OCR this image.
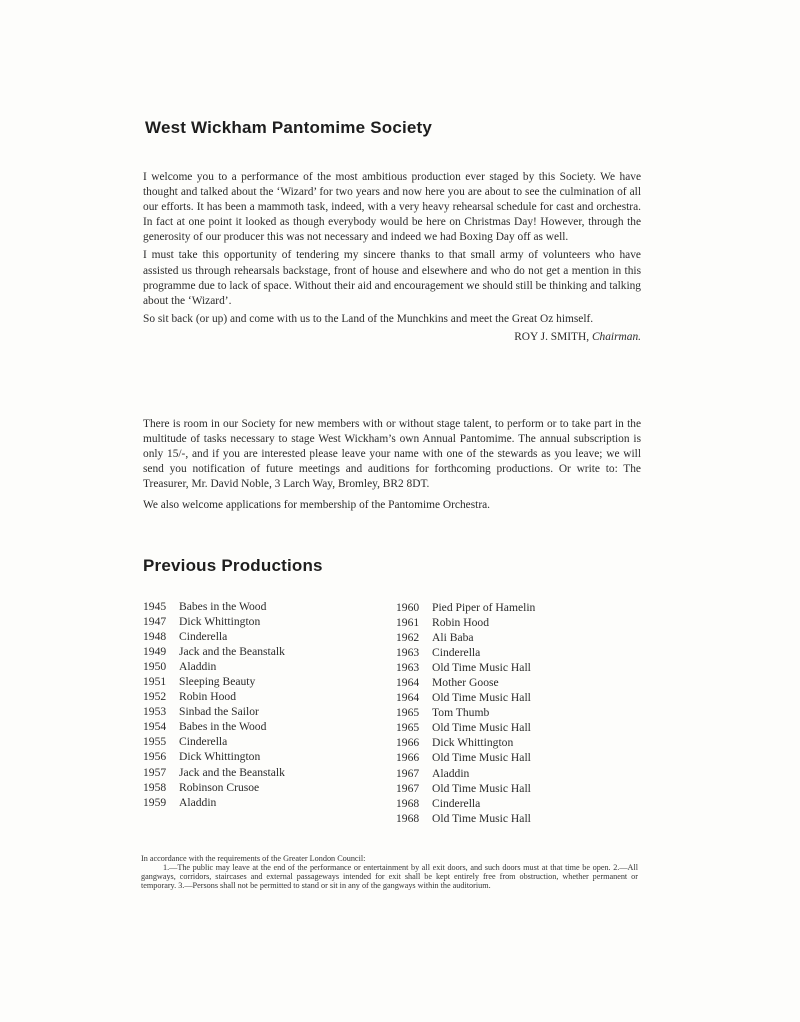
West Wickham Pantomime Society

I welcome you to a performance of the most ambitious production ever staged by this Society. We have thought and talked about the ‘Wizard’ for two years and now here you are about to see the culmination of all our efforts. It has been a mammoth task, indeed, with a very heavy rehearsal schedule for cast and orchestra. In fact at one point it looked as though everybody would be here on Christmas Day! However, through the generosity of our producer this was not necessary and indeed we had Boxing Day off as well.

I must take this opportunity of tendering my sincere thanks to that small army of volunteers who have assisted us through rehearsals backstage, front of house and elsewhere and who do not get a mention in this programme due to lack of space. Without their aid and encouragement we should still be thinking and talking about the ‘Wizard’.

So sit back (or up) and come with us to the Land of the Munchkins and meet the Great Oz himself.

ROY J. SMITH, Chairman.

There is room in our Society for new members with or without stage talent, to perform or to take part in the multitude of tasks necessary to stage West Wickham’s own Annual Pantomime. The annual subscription is only 15/-, and if you are interested please leave your name with one of the stewards as you leave; we will send you notification of future meetings and auditions for forthcoming productions. Or write to: The Treasurer, Mr. David Noble, 3 Larch Way, Bromley, BR2 8DT.

We also welcome applications for membership of the Pantomime Orchestra.

Previous Productions
1945	Babes in the Wood
1947	Dick Whittington
1948	Cinderella
1949	Jack and the Beanstalk
1950	Aladdin
1951	Sleeping Beauty
1952	Robin Hood
1953	Sinbad the Sailor
1954	Babes in the Wood
1955	Cinderella
1956	Dick Whittington
1957	Jack and the Beanstalk
1958	Robinson Crusoe
1959	Aladdin
1960	Pied Piper of Hamelin
1961	Robin Hood
1962	Ali Baba
1963	Cinderella
1963	Old Time Music Hall
1964	Mother Goose
1964	Old Time Music Hall
1965	Tom Thumb
1965	Old Time Music Hall
1966	Dick Whittington
1966	Old Time Music Hall
1967	Aladdin
1967	Old Time Music Hall
1968	Cinderella
1968	Old Time Music Hall

In accordance with the requirements of the Greater London Council:

1.—The public may leave at the end of the performance or entertainment by all exit doors, and such doors must at that time be open. 2.—All gangways, corridors, staircases and external passageways intended for exit shall be kept entirely free from obstruction, whether permanent or temporary. 3.—Persons shall not be permitted to stand or sit in any of the gangways within the auditorium.
